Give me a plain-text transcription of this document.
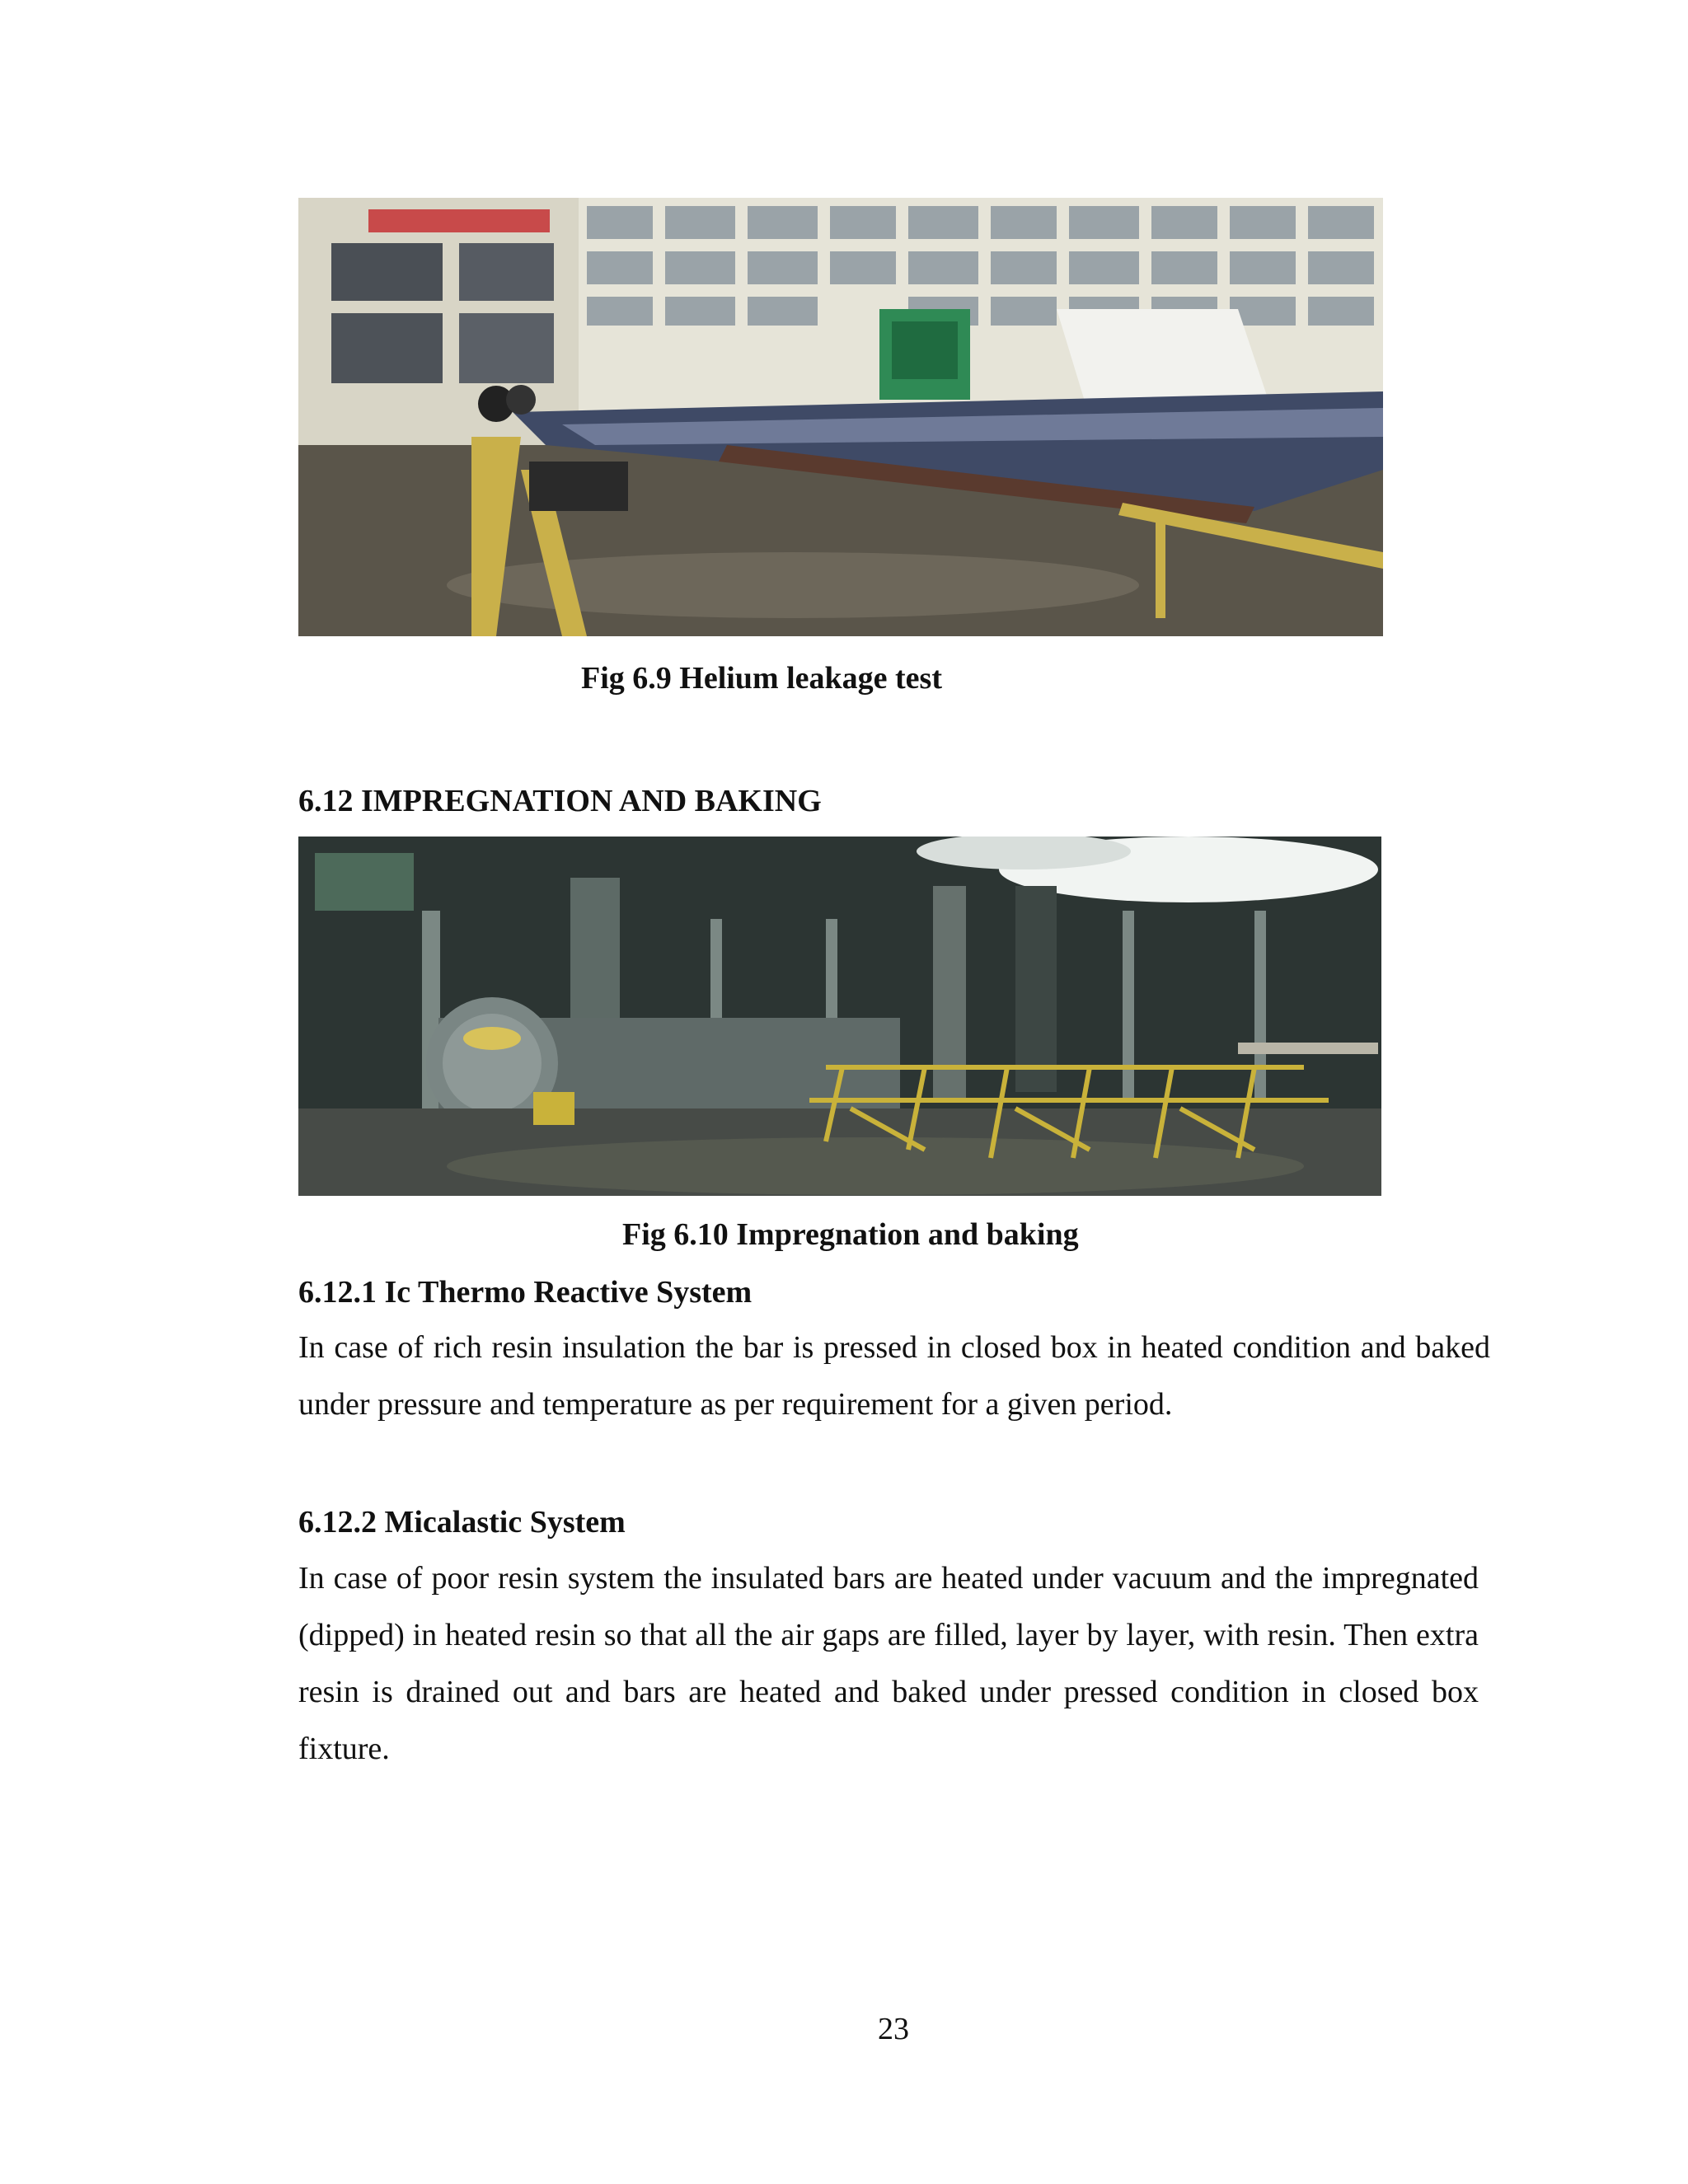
Fig 6.9 Helium leakage test
6.12 IMPREGNATION AND BAKING
Fig 6.10 Impregnation and baking
6.12.1 Ic Thermo Reactive System

In case of rich resin insulation the bar is pressed in closed box in heated condition and baked under pressure and temperature as per requirement for a given period.

6.12.2 Micalastic System

In case of poor resin system the insulated bars are heated under vacuum and the impregnated (dipped) in heated resin so that all the air gaps are filled, layer by layer, with resin. Then extra resin is drained out and bars are heated and baked under pressed condition in closed box fixture.

23
